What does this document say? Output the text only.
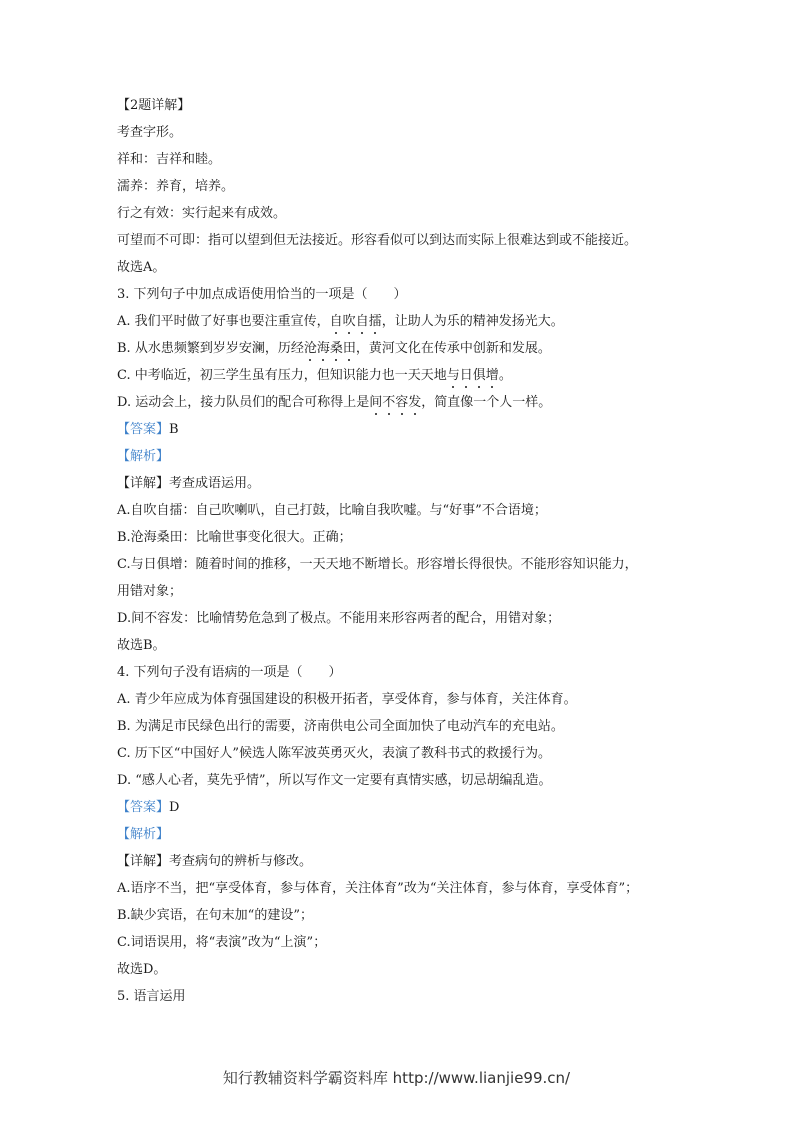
【2题详解】
考查字形。
祥和：吉祥和睦。
濡养：养育，培养。
行之有效：实行起来有成效。
可望而不可即：指可以望到但无法接近。形容看似可以到达而实际上很难达到或不能接近。
故选A。
3. 下列句子中加点成语使用恰当的一项是（　　）
A. 我们平时做了好事也要注重宣传，自吹自擂，让助人为乐的精神发扬光大。
B. 从水患频繁到岁岁安澜，历经沧海桑田，黄河文化在传承中创新和发展。
C. 中考临近，初三学生虽有压力，但知识能力也一天天地与日俱增。
D. 运动会上，接力队员们的配合可称得上是间不容发，简直像一个人一样。
【答案】B
【解析】
【详解】考查成语运用。
A.自吹自擂：自己吹喇叭，自己打鼓，比喻自我吹嘘。与“好事”不合语境；
B.沧海桑田：比喻世事变化很大。正确；
C.与日俱增：随着时间的推移，一天天地不断增长。形容增长得很快。不能形容知识能力，
用错对象；
D.间不容发：比喻情势危急到了极点。不能用来形容两者的配合，用错对象；
故选B。
4. 下列句子没有语病的一项是（　　）
A. 青少年应成为体育强国建设的积极开拓者，享受体育，参与体育，关注体育。
B. 为满足市民绿色出行的需要，济南供电公司全面加快了电动汽车的充电站。
C. 历下区“中国好人”候选人陈军波英勇灭火，表演了教科书式的救援行为。
D. “感人心者，莫先乎情”，所以写作文一定要有真情实感，切忌胡编乱造。
【答案】D
【解析】
【详解】考查病句的辨析与修改。
A.语序不当，把“享受体育，参与体育，关注体育”改为“关注体育，参与体育，享受体育”；
B.缺少宾语，在句末加“的建设”；
C.词语误用，将“表演”改为“上演”；
故选D。
5. 语言运用
知行教辅资料学霸资料库 http://www.lianjie99.cn/
